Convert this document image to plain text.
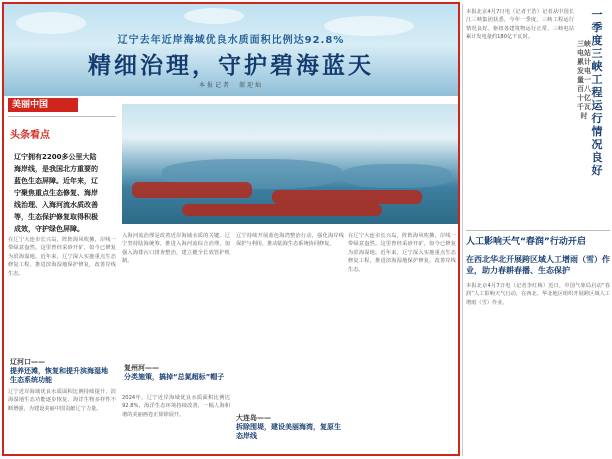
辽宁去年近岸海域优良水质面积比例达92.8%
精细治理，守护碧海蓝天
本报记者　郝迎灿
美丽中国
头条看点
辽宁拥有2200多公里大陆海岸线，是我国北方重要的蓝色生态屏障。近年来，辽宁聚焦重点生态修复、海岸线治理、入海河流水质改善等，生态保护修复取得积极成效，守护绿色屏障。
在辽宁大连市长兴岛，阵阵海风吹拂，岸线一带绿意盎然。这里曾经采砂开矿，如今已修复为滨海湿地。近年来，辽宁深入实施重点生态修复工程，推进滨海湿地保护修复，改善岸线生态。
辽河口——
提养还滩，恢复和提升滨海湿地生态系统功能
辽宁近岸海域优良水质面积比例持续提升，滨海湿地生态功能逐步恢复，海洋生物多样性不断增强，为建设美丽中国贡献辽宁力量。
入海河流治理是改善近岸海域水质的关键。辽宁坚持陆海统筹，推进入海河流综合治理，加强入海排污口排查整治，建立健全长效管护机制。
复州河——
分类施策，搞掉“总氮超标”帽子
2024年，辽宁近岸海域优良水质面积比例达92.8%，海洋生态环境持续改善，一幅人海和谐的美丽画卷正徐徐展开。
辽宁持续开展蓝色海湾整治行动，强化海岸线保护与利用，推动陆海生态系统协同修复。
在辽宁大连市长兴岛，阵阵海风吹拂，岸线一带绿意盎然。这里曾经采砂开矿，如今已修复为滨海湿地。近年来，辽宁深入实施重点生态修复工程，推进滨海湿地保护修复，改善岸线生态。
大连岛——
拆除围堤，建设美丽海湾，复原生态岸线
本报北京4月7日电（记者王浩）记者从中国长江三峡集团获悉，今年一季度，三峡工程运行情况良好。枢纽各建筑物运行正常，三峡电站累计发电量约180亿千瓦时。
一季度三峡工程运行情况良好
三峡电站累计发电量一百八十亿千瓦时
人工影响天气“春润”行动开启
在西北华北开展跨区域人工增雨（雪）作业，助力春耕春播、生态保护
本报北京4月7日电（记者李红梅）近日，中国气象局启动“春润”人工影响天气行动，在西北、华北地区组织开展跨区域人工增雨（雪）作业。
